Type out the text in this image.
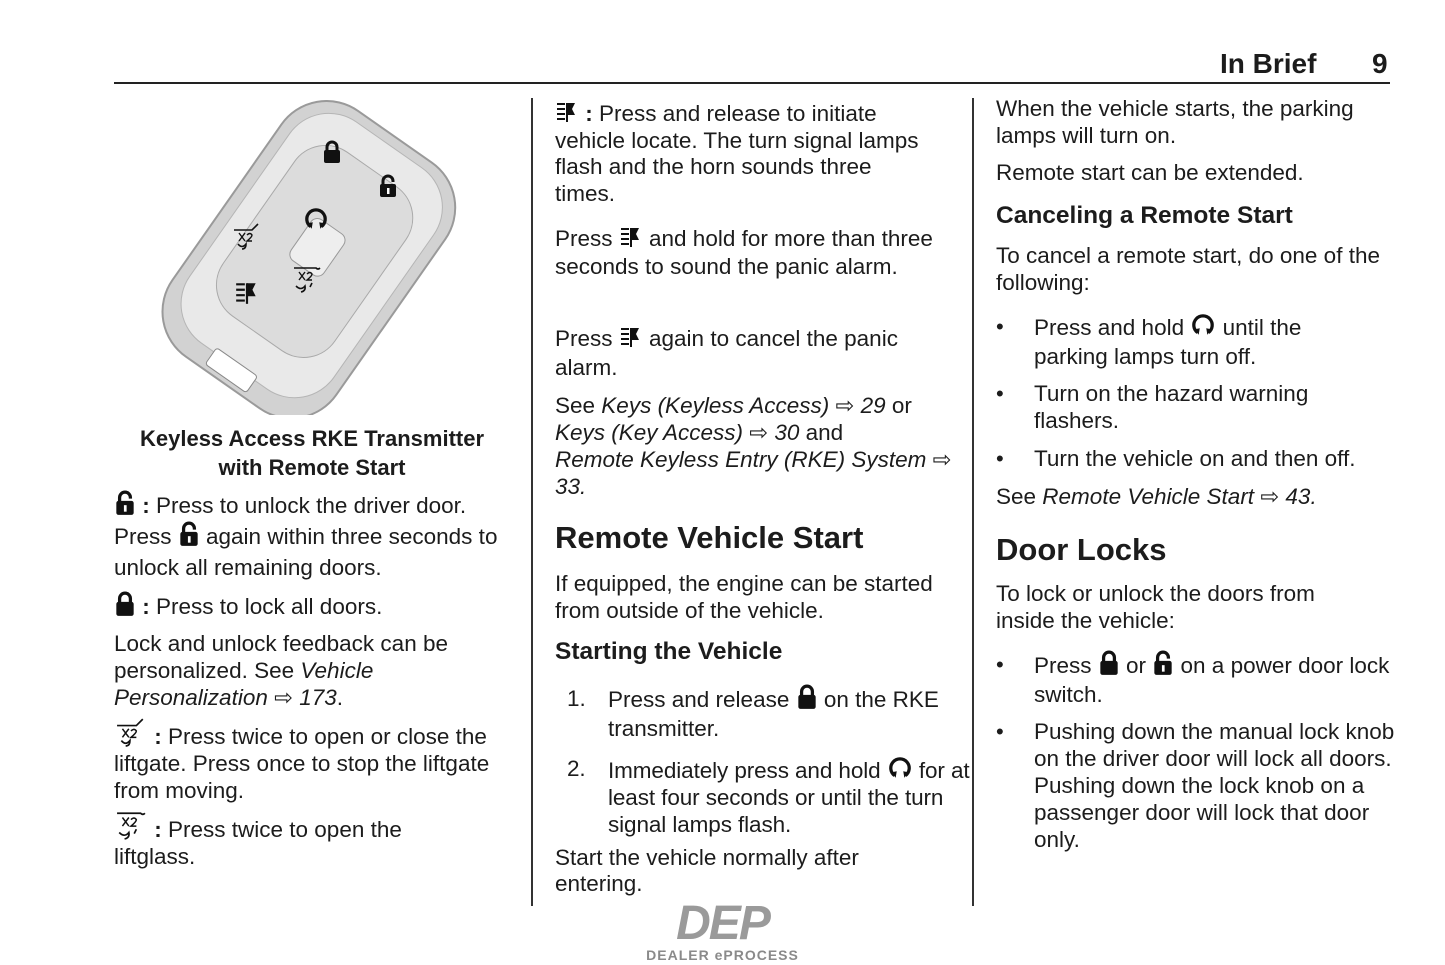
In Brief 9
Keyless Access RKE Transmitter
with Remote Start
: Press to unlock the driver door.
Press  again within three seconds to unlock all remaining doors.
: Press to lock all doors.
Lock and unlock feedback can be personalized. See Vehicle Personalization ⇨ 173.
: Press twice to open or close the liftgate. Press once to stop the liftgate from moving.
: Press twice to open the liftglass.
: Press and release to initiate vehicle locate. The turn signal lamps flash and the horn sounds three times.
Press  and hold for more than three seconds to sound the panic alarm.
Press  again to cancel the panic alarm.
See Keys (Keyless Access) ⇨ 29 or
Keys (Key Access) ⇨ 30 and
Remote Keyless Entry (RKE) System ⇨ 33.
Remote Vehicle Start
If equipped, the engine can be started from outside of the vehicle.
Starting the Vehicle
1. Press and release  on the RKE transmitter.
2. Immediately press and hold  for at least four seconds or until the turn signal lamps flash.
Start the vehicle normally after entering.
DEP
DEALER ePROCESS
When the vehicle starts, the parking lamps will turn on.
Remote start can be extended.
Canceling a Remote Start
To cancel a remote start, do one of the following:
• Press and hold  until the parking lamps turn off.
• Turn on the hazard warning flashers.
• Turn the vehicle on and then off.
See Remote Vehicle Start ⇨ 43.
Door Locks
To lock or unlock the doors from inside the vehicle:
• Press  or  on a power door lock switch.
• Pushing down the manual lock knob on the driver door will lock all doors. Pushing down the lock knob on a passenger door will lock that door only.
